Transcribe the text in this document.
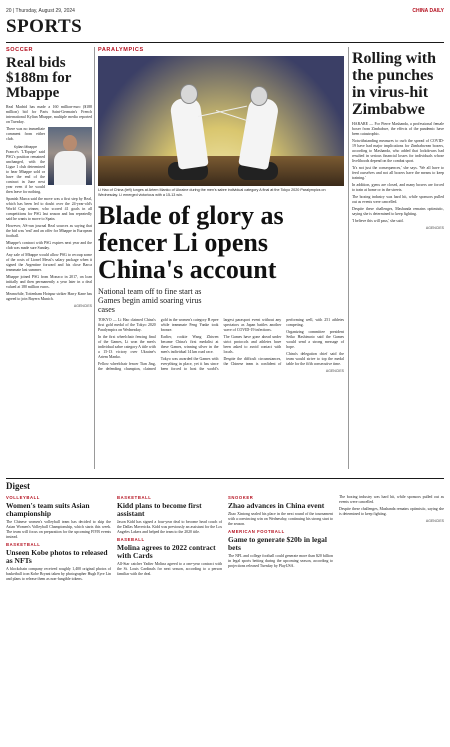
20 | Thursday, August 29, 2024	CHINA DAILY
SPORTS
SOCCER
Real bids $188m for Mbappe

Real Madrid has made a 160 million-euro ($188 million) bid for Paris Saint-Germain's French international Kylian Mbappe, multiple media reported on Tuesday.

There was no immediate comment from either club.

Kylian Mbappe

France's 'L'Equipe' said PSG's position remained unchanged, with the Ligue 1 club determined to hear Mbappe sold or have the end of the contract in June next year even if he would then leave for nothing.

Spanish Marca said the move was a first step by Real, which has been led to doubt over the 24-year-old's World Cup winner, who scored 41 goals in all competitions for PSG last season and has repeatedly said he wants to move to Spain.

However, AS-run journal Real sources as saying that the bid was 'real' and an offer for Mbappe in European football.

Mbappe's contract with PSG expires next year and the club was made sure Sunday.

Any sale of Mbappe would allow PSG to recoup some of the costs of Lionel Messi's salary package when it signed the Argentine forward and his close Barca teammate last summer.

Mbappe joined PSG from Monaco in 2017, on loan initially and then permanently a year later in a deal valued at 180 million euros.

Meanwhile, Tottenham Hotspur striker Harry Kane has agreed to join Bayern Munich.

AGENCIES
PARALYMPICS
Li Hao of China (left) lunges at Artem Manko of Ukraine during the men's sabre individual category A final at the Tokyo 2020 Paralympics on Wednesday. Li emerged victorious with a 15-13 win.
Blade of glory as fencer Li opens China's account
National team off to fine start as Games begin amid soaring virus cases

TOKYO — Li Hao claimed China's first gold medal of the Tokyo 2020 Paralympics on Wednesday.

In the first wheelchair fencing final of the Games, Li won the men's individual sabre category A title with a 15-13 victory over Ukraine's Artem Manko.

Fellow wheelchair fencer Tian Jing, the defending champion, claimed gold in the women's category B epee while teammate Feng Yanke took bronze.

Earlier, rookie Wang Zhiwen became China's first medalist at these Games, winning silver in the men's individual 14 km road race.

Tokyo was awarded the Games with everything in place, yet it has since been forced to host the world's largest parasport event without any spectators as Japan battles another wave of COVID-19 infections.

The Games have gone ahead under strict protocols and athletes have been asked to avoid contact with locals.

Despite the difficult circumstances, the Chinese team is confident of performing well, with 251 athletes competing.

Organizing committee president Seiko Hashimoto said the Games would send a strong message of hope.

China's delegation chief said the team would strive to top the medal table for the fifth consecutive time.

AGENCIES
Rolling with the punches in virus-hit Zimbabwe

HARARE — For Pierre Mashanda, a professional female boxer from Zimbabwe, the effects of the pandemic have been catastrophic.

Notwithstanding measures to curb the spread of COVID-19 have had major implications for Zimbabwean boxers, according to Mashanda, who added that lockdowns had resulted in serious financial losses for individuals whose livelihoods depend on the combat sport.

'It's not just the consequences,' she says. 'We all have to feed ourselves and not all boxers have the means to keep training.'

In addition, gyms are closed, and many boxers are forced to train at home or in the streets.

The boxing industry was hard hit, while sponsors pulled out as events were cancelled.

Despite these challenges, Mashanda remains optimistic, saying she is determined to keep fighting.

'I believe this will pass,' she said.

AGENCIES
Digest
VOLLEYBALL
Women's team suits Asian championship

The Chinese women's volleyball team has decided to skip the Asian Women's Volleyball Championship, which starts this week. The team will focus on preparation for the upcoming FIVB events instead.

BASKETBALL
Unseen Kobe photos to released as NFTs

A blockchain company received roughly 1,400 original photos of basketball icon Kobe Bryant taken by photographer Hugh Eyre Lin and plans to release them as non-fungible tokens.

BASKETBALL
Kidd plans to become first assistant

Jason Kidd has signed a four-year deal to become head coach of the Dallas Mavericks. Kidd was previously an assistant for the Los Angeles Lakers and helped the team to the 2020 title.

BASEBALL
Molina agrees to 2022 contract with Cards

All-Star catcher Yadier Molina agreed to a one-year contract with the St. Louis Cardinals for next season, according to a person familiar with the deal.

SNOOKER
Zhao advances in China event

Zhao Xintong sealed his place in the next round of the tournament with a convincing win on Wednesday, continuing his strong start to the season.

AMERICAN FOOTBALL
Game to generate $20b in legal bets

The NFL and college football could generate more than $20 billion in legal sports betting during the upcoming season, according to projections released Tuesday by PlayUSA.

The boxing industry was hard hit, while sponsors pulled out as events were cancelled.

Despite these challenges, Mashanda remains optimistic, saying she is determined to keep fighting.

AGENCIES
